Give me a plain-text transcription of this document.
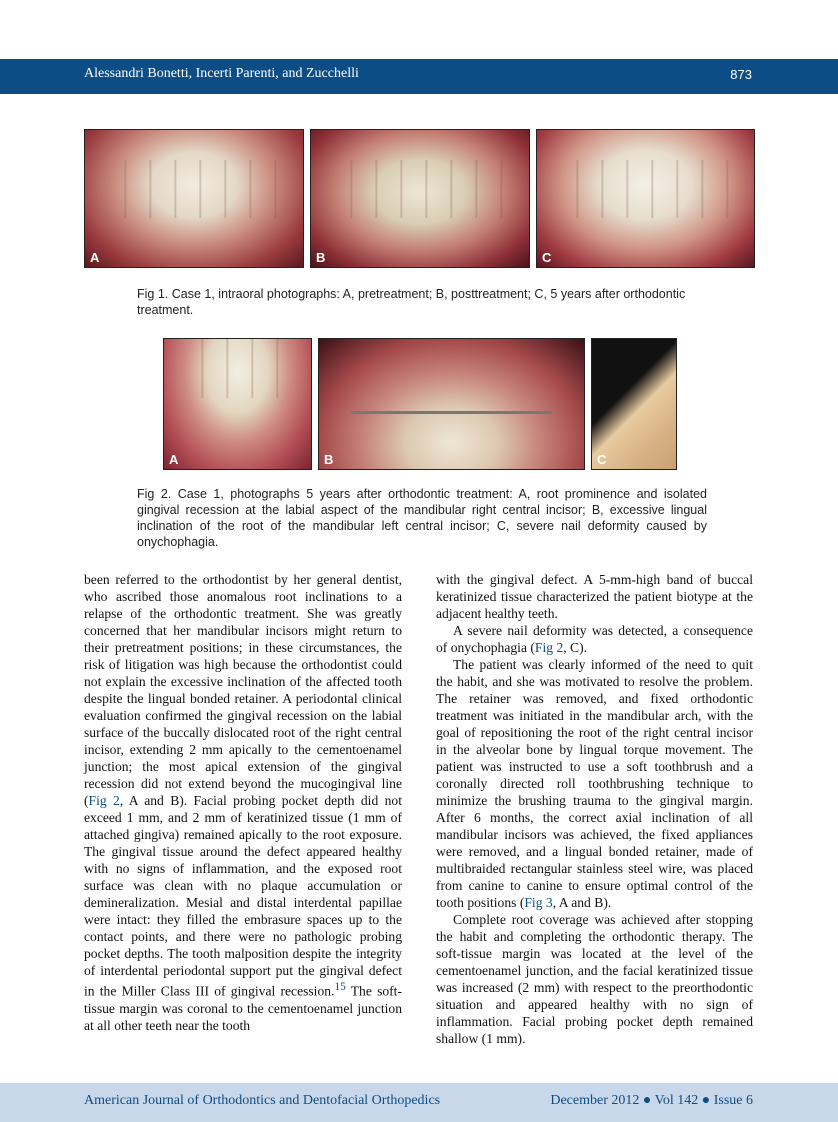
Alessandri Bonetti, Incerti Parenti, and Zucchelli	873
A	B	C
Fig 1. Case 1, intraoral photographs: A, pretreatment; B, posttreatment; C, 5 years after orthodontic treatment.
A	B	C
Fig 2. Case 1, photographs 5 years after orthodontic treatment: A, root prominence and isolated gingival recession at the labial aspect of the mandibular right central incisor; B, excessive lingual inclination of the root of the mandibular left central incisor; C, severe nail deformity caused by onychophagia.

been referred to the orthodontist by her general dentist, who ascribed those anomalous root inclinations to a relapse of the orthodontic treatment. She was greatly concerned that her mandibular incisors might return to their pretreatment positions; in these circumstances, the risk of litigation was high because the orthodontist could not explain the excessive inclination of the affected tooth despite the lingual bonded retainer. A periodontal clinical evaluation confirmed the gingival recession on the labial surface of the buccally dislocated root of the right central incisor, extending 2 mm apically to the cementoenamel junction; the most apical extension of the gingival recession did not extend beyond the mucogingival line (Fig 2, A and B). Facial probing pocket depth did not exceed 1 mm, and 2 mm of keratinized tissue (1 mm of attached gingiva) remained apically to the root exposure. The gingival tissue around the defect appeared healthy with no signs of inflammation, and the exposed root surface was clean with no plaque accumulation or demineralization. Mesial and distal interdental papillae were intact: they filled the embrasure spaces up to the contact points, and there were no pathologic probing pocket depths. The tooth malposition despite the integrity of interdental periodontal support put the gingival defect in the Miller Class III of gingival recession.$^{15}$ The soft-tissue margin was coronal to the cementoenamel junction at all other teeth near the tooth

with the gingival defect. A 5-mm-high band of buccal keratinized tissue characterized the patient biotype at the adjacent healthy teeth.

A severe nail deformity was detected, a consequence of onychophagia (Fig 2, C).

The patient was clearly informed of the need to quit the habit, and she was motivated to resolve the problem. The retainer was removed, and fixed orthodontic treatment was initiated in the mandibular arch, with the goal of repositioning the root of the right central incisor in the alveolar bone by lingual torque movement. The patient was instructed to use a soft toothbrush and a coronally directed roll toothbrushing technique to minimize the brushing trauma to the gingival margin. After 6 months, the correct axial inclination of all mandibular incisors was achieved, the fixed appliances were removed, and a lingual bonded retainer, made of multibraided rectangular stainless steel wire, was placed from canine to canine to ensure optimal control of the tooth positions (Fig 3, A and B).

Complete root coverage was achieved after stopping the habit and completing the orthodontic therapy. The soft-tissue margin was located at the level of the cementoenamel junction, and the facial keratinized tissue was increased (2 mm) with respect to the preorthodontic situation and appeared healthy with no sign of inflammation. Facial probing pocket depth remained shallow (1 mm).

American Journal of Orthodontics and Dentofacial Orthopedics	December 2012 ● Vol 142 ● Issue 6
